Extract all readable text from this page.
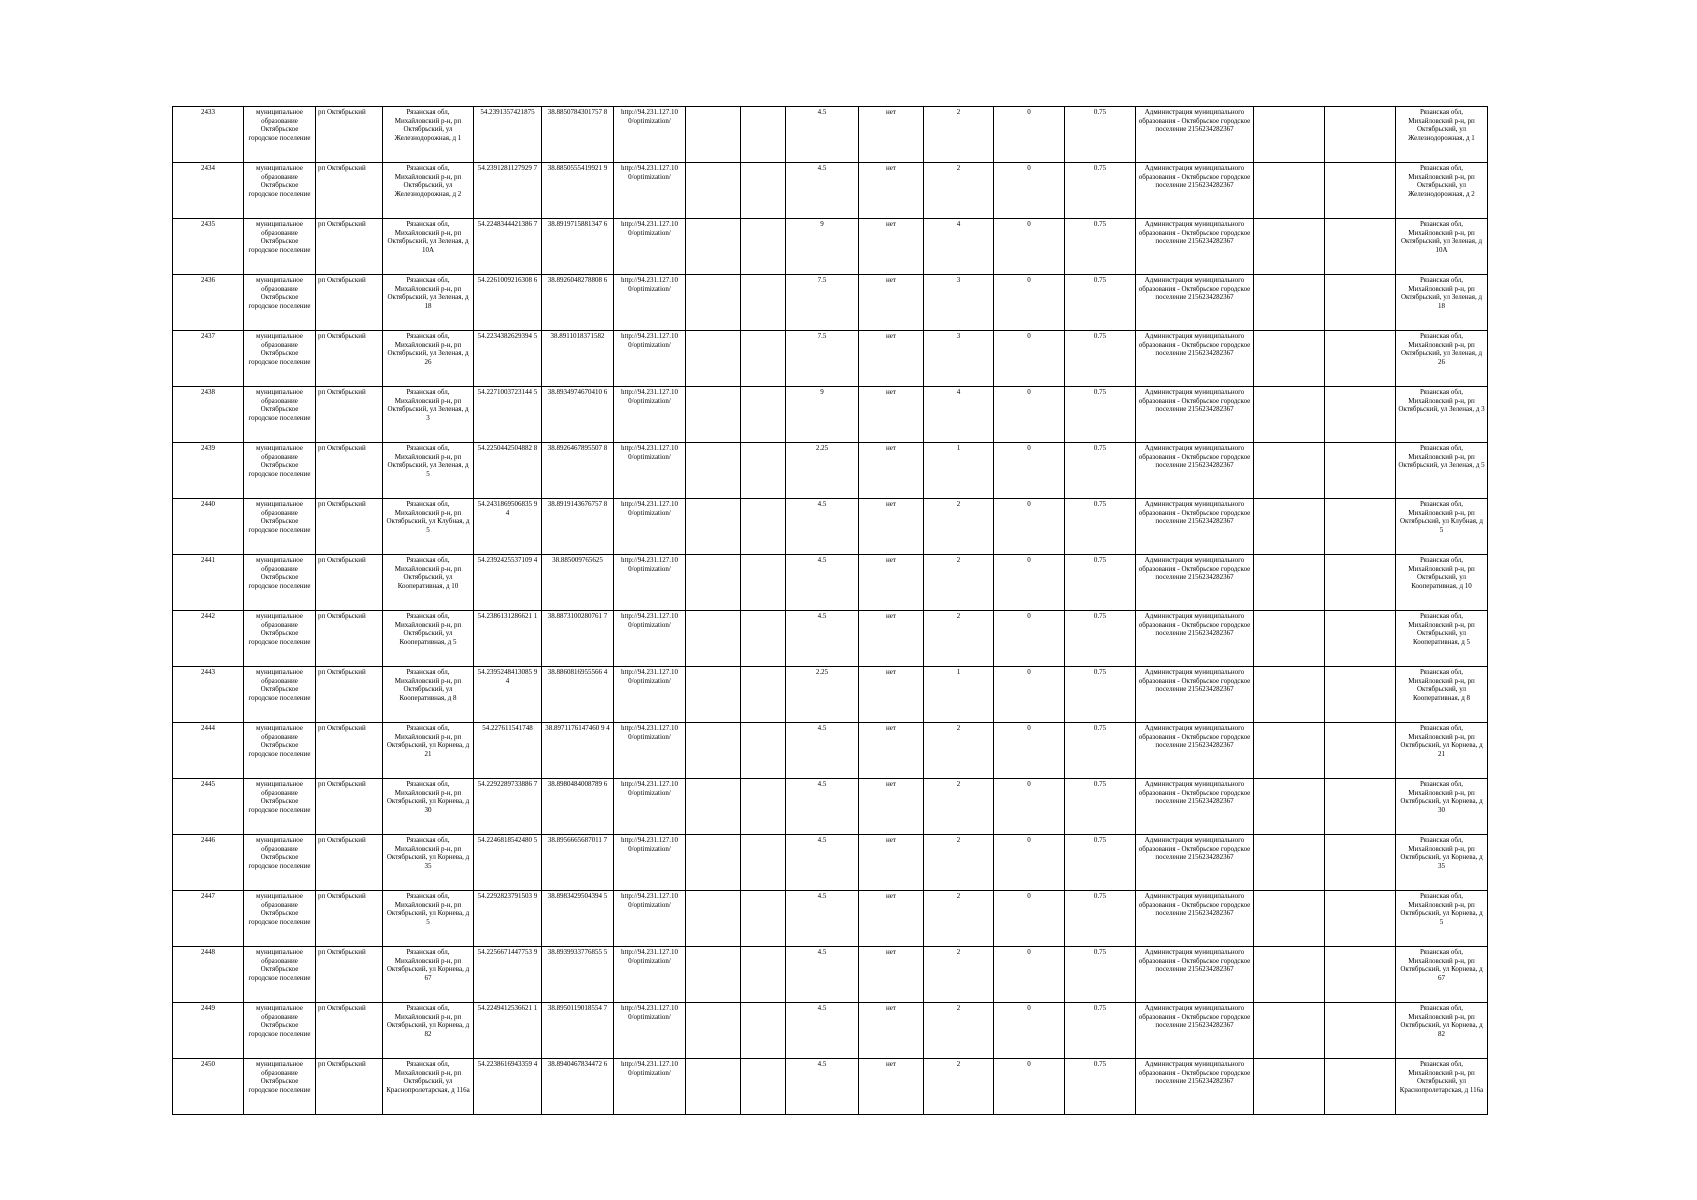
2433	муниципальное образование Октябрьское городское поселение	рп Октябрьский	Рязанская обл, Михайловский р-н, рп Октябрьский, ул Железнодорожная, д 1	54.2391357421875	38.8850784301757 8	http://94.231.127.10 0/optimization/			4.5	нет	2	0	0.75	Администрация муниципального образования - Октябрьское городское поселение 2156234282367			Рязанская обл, Михайловский р-н, рп Октябрьский, ул Железнодорожная, д 1
2434	муниципальное образование Октябрьское городское поселение	рп Октябрьский	Рязанская обл, Михайловский р-н, рп Октябрьский, ул Железнодорожная, д 2	54.2391281127929 7	38.8850555419921 9	http://94.231.127.10 0/optimization/			4.5	нет	2	0	0.75	Администрация муниципального образования - Октябрьское городское поселение 2156234282367			Рязанская обл, Михайловский р-н, рп Октябрьский, ул Железнодорожная, д 2
2435	муниципальное образование Октябрьское городское поселение	рп Октябрьский	Рязанская обл, Михайловский р-н, рп Октябрьский, ул Зеленая, д 10А	54.2248344421386 7	38.8919715881347 6	http://94.231.127.10 0/optimization/			9	нет	4	0	0.75	Администрация муниципального образования - Октябрьское городское поселение 2156234282367			Рязанская обл, Михайловский р-н, рп Октябрьский, ул Зеленая, д 10А
2436	муниципальное образование Октябрьское городское поселение	рп Октябрьский	Рязанская обл, Михайловский р-н, рп Октябрьский, ул Зеленая, д 18	54.2261009216308 6	38.8926048278808 6	http://94.231.127.10 0/optimization/			7.5	нет	3	0	0.75	Администрация муниципального образования - Октябрьское городское поселение 2156234282367			Рязанская обл, Михайловский р-н, рп Октябрьский, ул Зеленая, д 18
2437	муниципальное образование Октябрьское городское поселение	рп Октябрьский	Рязанская обл, Михайловский р-н, рп Октябрьский, ул Зеленая, д 26	54.2234382629394 5	38.8911018371582	http://94.231.127.10 0/optimization/			7.5	нет	3	0	0.75	Администрация муниципального образования - Октябрьское городское поселение 2156234282367			Рязанская обл, Михайловский р-н, рп Октябрьский, ул Зеленая, д 26
2438	муниципальное образование Октябрьское городское поселение	рп Октябрьский	Рязанская обл, Михайловский р-н, рп Октябрьский, ул Зеленая, д 3	54.2271003723144 5	38.8934974670410 6	http://94.231.127.10 0/optimization/			9	нет	4	0	0.75	Администрация муниципального образования - Октябрьское городское поселение 2156234282367			Рязанская обл, Михайловский р-н, рп Октябрьский, ул Зеленая, д 3
2439	муниципальное образование Октябрьское городское поселение	рп Октябрьский	Рязанская обл, Михайловский р-н, рп Октябрьский, ул Зеленая, д 5	54.2250442504882 8	38.8926467895507 8	http://94.231.127.10 0/optimization/			2.25	нет	1	0	0.75	Администрация муниципального образования - Октябрьское городское поселение 2156234282367			Рязанская обл, Михайловский р-н, рп Октябрьский, ул Зеленая, д 5
2440	муниципальное образование Октябрьское городское поселение	рп Октябрьский	Рязанская обл, Михайловский р-н, рп Октябрьский, ул Клубная, д 5	54.2431869506835 9 4	38.8919143676757 8	http://94.231.127.10 0/optimization/			4.5	нет	2	0	0.75	Администрация муниципального образования - Октябрьское городское поселение 2156234282367			Рязанская обл, Михайловский р-н, рп Октябрьский, ул Клубная, д 5
2441	муниципальное образование Октябрьское городское поселение	рп Октябрьский	Рязанская обл, Михайловский р-н, рп Октябрьский, ул Кооперативная, д 10	54.2392425537109 4	38.885009765625	http://94.231.127.10 0/optimization/			4.5	нет	2	0	0.75	Администрация муниципального образования - Октябрьское городское поселение 2156234282367			Рязанская обл, Михайловский р-н, рп Октябрьский, ул Кооперативная, д 10
2442	муниципальное образование Октябрьское городское поселение	рп Октябрьский	Рязанская обл, Михайловский р-н, рп Октябрьский, ул Кооперативная, д 5	54.2386131286621 1	38.8873100280761 7	http://94.231.127.10 0/optimization/			4.5	нет	2	0	0.75	Администрация муниципального образования - Октябрьское городское поселение 2156234282367			Рязанская обл, Михайловский р-н, рп Октябрьский, ул Кооперативная, д 5
2443	муниципальное образование Октябрьское городское поселение	рп Октябрьский	Рязанская обл, Михайловский р-н, рп Октябрьский, ул Кооперативная, д 8	54.2395248413085 9 4	38.8860816955566 4	http://94.231.127.10 0/optimization/			2.25	нет	1	0	0.75	Администрация муниципального образования - Октябрьское городское поселение 2156234282367			Рязанская обл, Михайловский р-н, рп Октябрьский, ул Кооперативная, д 8
2444	муниципальное образование Октябрьское городское поселение	рп Октябрьский	Рязанская обл, Михайловский р-н, рп Октябрьский, ул Корнева, д 21	54.227611541748	38.8971176147460 9 4	http://94.231.127.10 0/optimization/			4.5	нет	2	0	0.75	Администрация муниципального образования - Октябрьское городское поселение 2156234282367			Рязанская обл, Михайловский р-н, рп Октябрьский, ул Корнева, д 21
2445	муниципальное образование Октябрьское городское поселение	рп Октябрьский	Рязанская обл, Михайловский р-н, рп Октябрьский, ул Корнева, д 30	54.2292289733886 7	38.8980484008789 6	http://94.231.127.10 0/optimization/			4.5	нет	2	0	0.75	Администрация муниципального образования - Октябрьское городское поселение 2156234282367			Рязанская обл, Михайловский р-н, рп Октябрьский, ул Корнева, д 30
2446	муниципальное образование Октябрьское городское поселение	рп Октябрьский	Рязанская обл, Михайловский р-н, рп Октябрьский, ул Корнева, д 35	54.2246818542480 5	38.8956665687011 7	http://94.231.127.10 0/optimization/			4.5	нет	2	0	0.75	Администрация муниципального образования - Октябрьское городское поселение 2156234282367			Рязанская обл, Михайловский р-н, рп Октябрьский, ул Корнева, д 35
2447	муниципальное образование Октябрьское городское поселение	рп Октябрьский	Рязанская обл, Михайловский р-н, рп Октябрьский, ул Корнева, д 5	54.2292823791503 9	38.8983429504394 5	http://94.231.127.10 0/optimization/			4.5	нет	2	0	0.75	Администрация муниципального образования - Октябрьское городское поселение 2156234282367			Рязанская обл, Михайловский р-н, рп Октябрьский, ул Корнева, д 5
2448	муниципальное образование Октябрьское городское поселение	рп Октябрьский	Рязанская обл, Михайловский р-н, рп Октябрьский, ул Корнева, д 67	54.2256671447753 9	38.8939933776855 5	http://94.231.127.10 0/optimization/			4.5	нет	2	0	0.75	Администрация муниципального образования - Октябрьское городское поселение 2156234282367			Рязанская обл, Михайловский р-н, рп Октябрьский, ул Корнева, д 67
2449	муниципальное образование Октябрьское городское поселение	рп Октябрьский	Рязанская обл, Михайловский р-н, рп Октябрьский, ул Корнева, д 82	54.2249412536621 1	38.8950119018554 7	http://94.231.127.10 0/optimization/			4.5	нет	2	0	0.75	Администрация муниципального образования - Октябрьское городское поселение 2156234282367			Рязанская обл, Михайловский р-н, рп Октябрьский, ул Корнева, д 82
2450	муниципальное образование Октябрьское городское поселение	рп Октябрьский	Рязанская обл, Михайловский р-н, рп Октябрьский, ул Краснопролетарская, д 116а	54.2238616943359 4	38.8940467834472 6	http://94.231.127.10 0/optimization/			4.5	нет	2	0	0.75	Администрация муниципального образования - Октябрьское городское поселение 2156234282367			Рязанская обл, Михайловский р-н, рп Октябрьский, ул Краснопролетарская, д 116а
